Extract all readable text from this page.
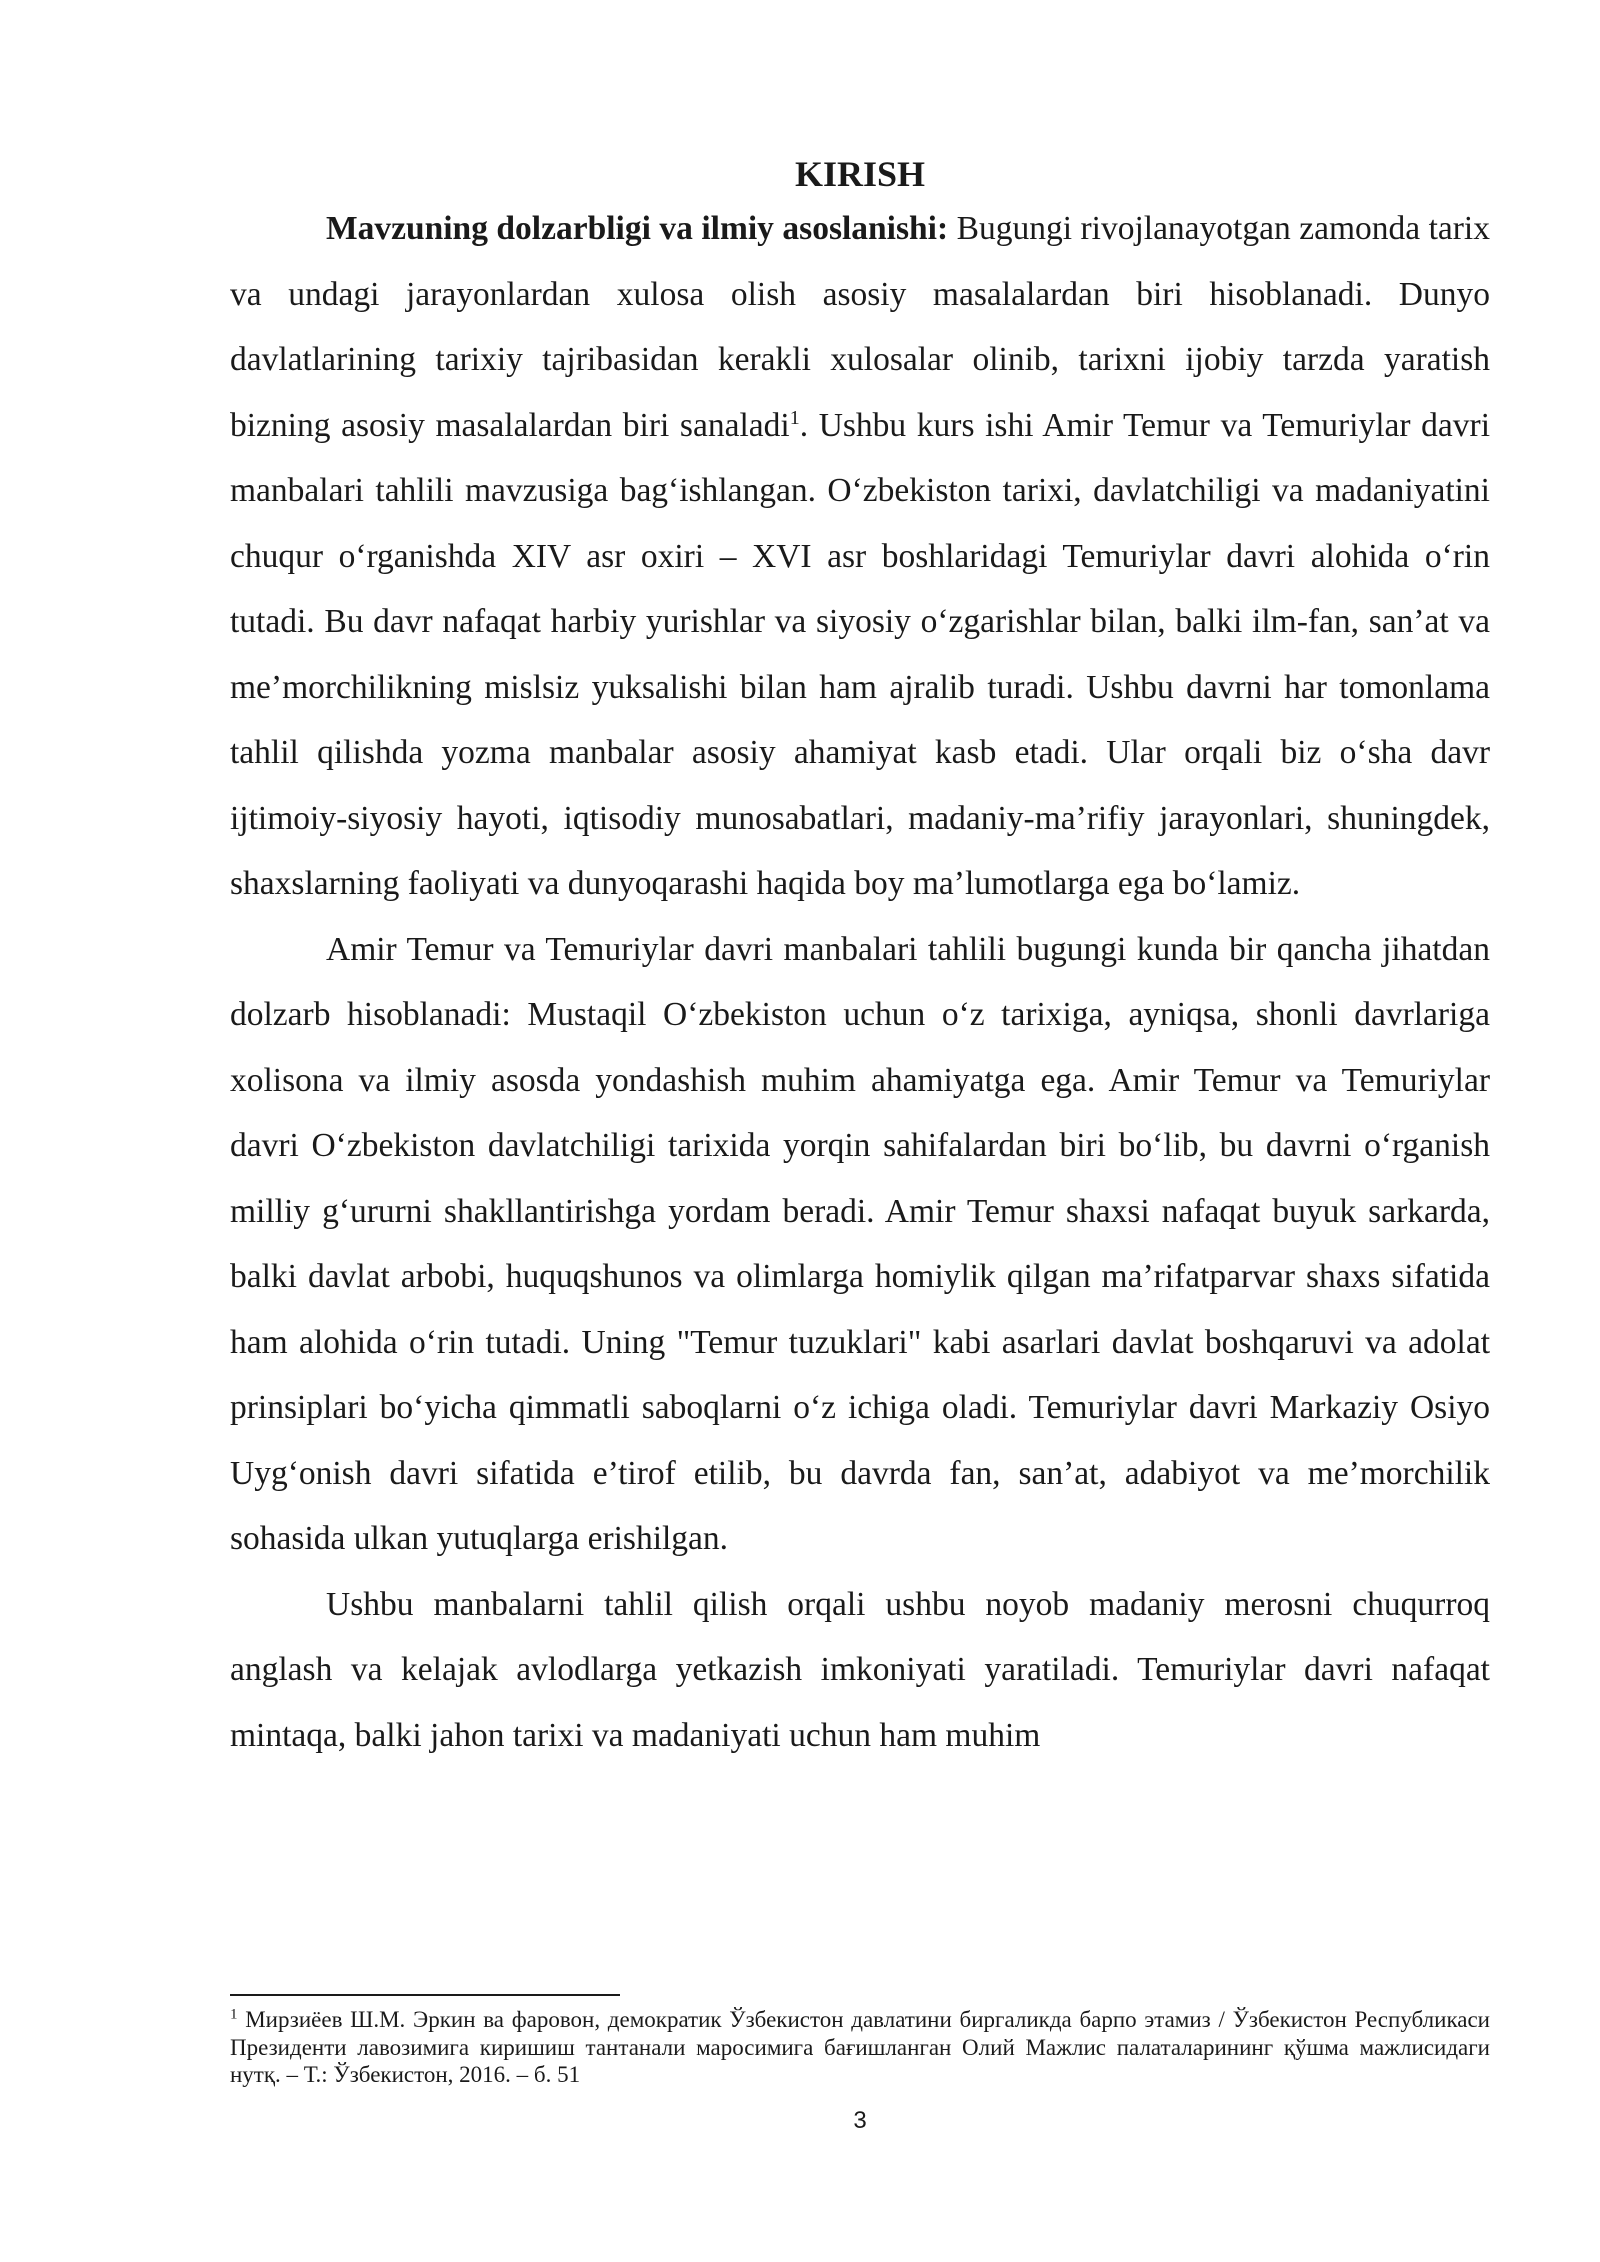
KIRISH

Mavzuning dolzarbligi va ilmiy asoslanishi: Bugungi rivojlanayotgan zamonda tarix va undagi jarayonlardan xulosa olish asosiy masalalardan biri hisoblanadi. Dunyo davlatlarining tarixiy tajribasidan kerakli xulosalar olinib, tarixni ijobiy tarzda yaratish bizning asosiy masalalardan biri sanaladi$^1$. Ushbu kurs ishi Amir Temur va Temuriylar davri manbalari tahlili mavzusiga bag‘ishlangan. O‘zbekiston tarixi, davlatchiligi va madaniyatini chuqur o‘rganishda XIV asr oxiri – XVI asr boshlaridagi Temuriylar davri alohida o‘rin tutadi. Bu davr nafaqat harbiy yurishlar va siyosiy o‘zgarishlar bilan, balki ilm-fan, san’at va me’morchilikning mislsiz yuksalishi bilan ham ajralib turadi. Ushbu davrni har tomonlama tahlil qilishda yozma manbalar asosiy ahamiyat kasb etadi. Ular orqali biz o‘sha davr ijtimoiy-siyosiy hayoti, iqtisodiy munosabatlari, madaniy-ma’rifiy jarayonlari, shuningdek, shaxslarning faoliyati va dunyoqarashi haqida boy ma’lumotlarga ega bo‘lamiz.

Amir Temur va Temuriylar davri manbalari tahlili bugungi kunda bir qancha jihatdan dolzarb hisoblanadi: Mustaqil O‘zbekiston uchun o‘z tarixiga, ayniqsa, shonli davrlariga xolisona va ilmiy asosda yondashish muhim ahamiyatga ega. Amir Temur va Temuriylar davri O‘zbekiston davlatchiligi tarixida yorqin sahifalardan biri bo‘lib, bu davrni o‘rganish milliy g‘ururni shakllantirishga yordam beradi. Amir Temur shaxsi nafaqat buyuk sarkarda, balki davlat arbobi, huquqshunos va olimlarga homiylik qilgan ma’rifatparvar shaxs sifatida ham alohida o‘rin tutadi. Uning "Temur tuzuklari" kabi asarlari davlat boshqaruvi va adolat prinsiplari bo‘yicha qimmatli saboqlarni o‘z ichiga oladi. Temuriylar davri Markaziy Osiyo Uyg‘onish davri sifatida e’tirof etilib, bu davrda fan, san’at, adabiyot va me’morchilik sohasida ulkan yutuqlarga erishilgan.

Ushbu manbalarni tahlil qilish orqali ushbu noyob madaniy merosni chuqurroq anglash va kelajak avlodlarga yetkazish imkoniyati yaratiladi. Temuriylar davri nafaqat mintaqa, balki jahon tarixi va madaniyati uchun ham muhim

$^1$ Мирзиёев Ш.М. Эркин ва фаровон, демократик Ўзбекистон давлатини биргаликда барпо этамиз / Ўзбекистон Республикаси Президенти лавозимига киришиш тантанали маросимига бағишланган Олий Мажлис палаталарининг қўшма мажлисидаги нутқ. – Т.: Ўзбекистон, 2016. – б. 51

3
